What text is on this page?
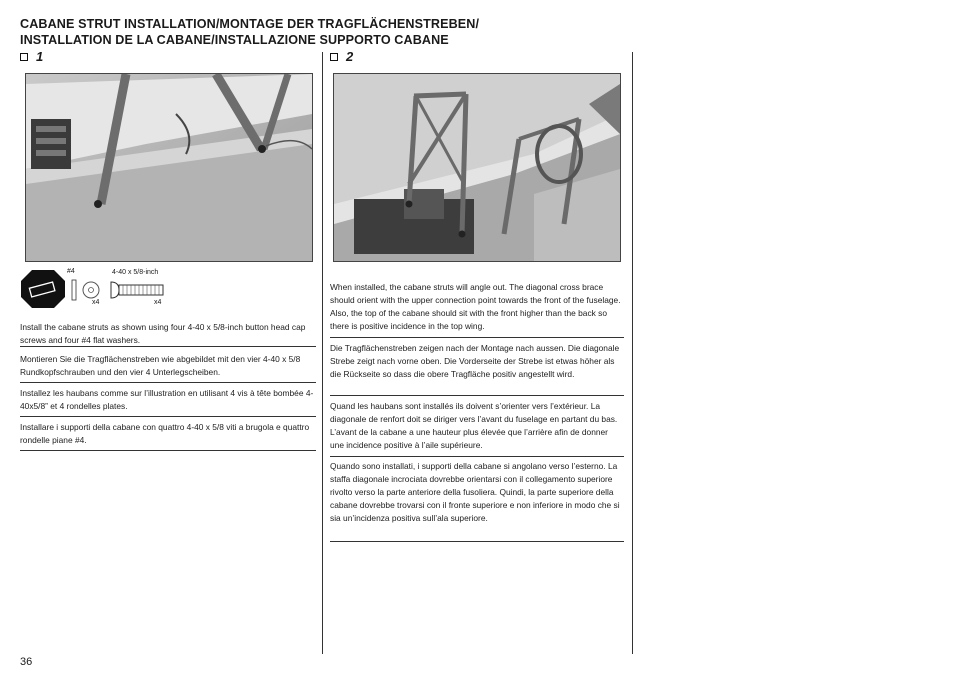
CABANE STRUT INSTALLATION/MONTAGE DER TRAGFLÄCHENSTREBEN/
INSTALLATION DE LA CABANE/INSTALLAZIONE SUPPORTO CABANE
1	2
#4
x4
4-40 x 5/8-inch
x4
Install the cabane struts as shown using four 4-40 x 5/8-inch button head cap screws and four #4 flat washers.
Montieren Sie die Tragflächenstreben wie abgebildet mit den vier 4-40 x 5/8 Rundkopfschrauben und den vier 4 Unterlegscheiben.
Installez les haubans comme sur l’illustration en utilisant 4 vis à tête bombée 4-40x5/8” et 4 rondelles plates.
Installare i supporti della cabane con quattro 4-40 x 5/8 viti a brugola e quattro rondelle piane #4.
When installed, the cabane struts will angle out. The diagonal cross brace should orient with the upper connection point towards the front of the fuselage. Also, the top of the cabane should sit with the front higher than the back so there is positive incidence in the top wing.
Die Tragflächenstreben zeigen nach der Montage nach aussen. Die diagonale Strebe zeigt nach vorne oben. Die Vorderseite der Strebe ist etwas höher als die Rückseite so dass die obere Tragfläche positiv angestellt wird.
Quand les haubans sont installés ils doivent s’orienter vers l’extérieur. La diagonale de renfort doit se diriger vers l’avant du fuselage en partant du bas. L’avant de la cabane a une hauteur plus élevée que l’arrière afin de donner une incidence positive à l’aile supérieure.
Quando sono installati, i supporti della cabane si angolano verso l’esterno. La staffa diagonale incrociata dovrebbe orientarsi con il collegamento superiore rivolto verso la parte anteriore della fusoliera. Quindi, la parte superiore della cabane dovrebbe trovarsi con il fronte superiore e non inferiore in modo che si sia un’incidenza positiva sull’ala superiore.
36
